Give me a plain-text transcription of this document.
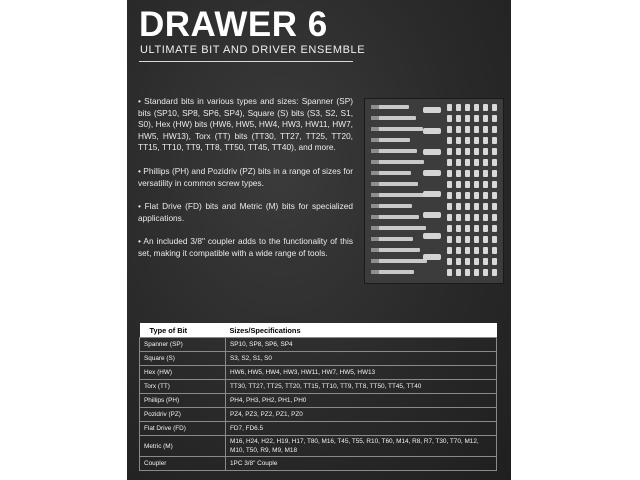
DRAWER 6
ULTIMATE BIT AND DRIVER ENSEMBLE

• Standard bits in various types and sizes: Spanner (SP) bits (SP10, SP8, SP6, SP4), Square (S) bits (S3, S2, S1, S0), Hex (HW) bits (HW6, HW5, HW4, HW3, HW11, HW7, HW5, HW13), Torx (TT) bits (TT30, TT27, TT25, TT20, TT15, TT10, TT9, TT8, TT50, TT45, TT40), and more.

• Phillips (PH) and Pozidriv (PZ) bits in a range of sizes for versatility in common screw types.

• Flat Drive (FD) bits and Metric (M) bits for specialized applications.

• An included 3/8" coupler adds to the functionality of this set, making it compatible with a wide range of tools.

Type of Bit	Sizes/Specifications
Spanner (SP)	SP10, SP8, SP6, SP4
Square (S)	S3, S2, S1, S0
Hex (HW)	HW6, HW5, HW4, HW3, HW11, HW7, HW5, HW13
Torx (TT)	TT30, TT27, TT25, TT20, TT15, TT10, TT9, TT8, TT50, TT45, TT40
Phillips (PH)	PH4, PH3, PH2, PH1, PH0
Pozidriv (PZ)	PZ4, PZ3, PZ2, PZ1, PZ0
Flat Drive (FD)	FD7, FD6.5
Metric (M)	M16, H24, H22, H19, H17, T80, M16, T45, T55, R10, T60, M14, R8, R7, T30, T70, M12, M10, T50, R9, M9, M18
Coupler	1PC 3/8" Couple
